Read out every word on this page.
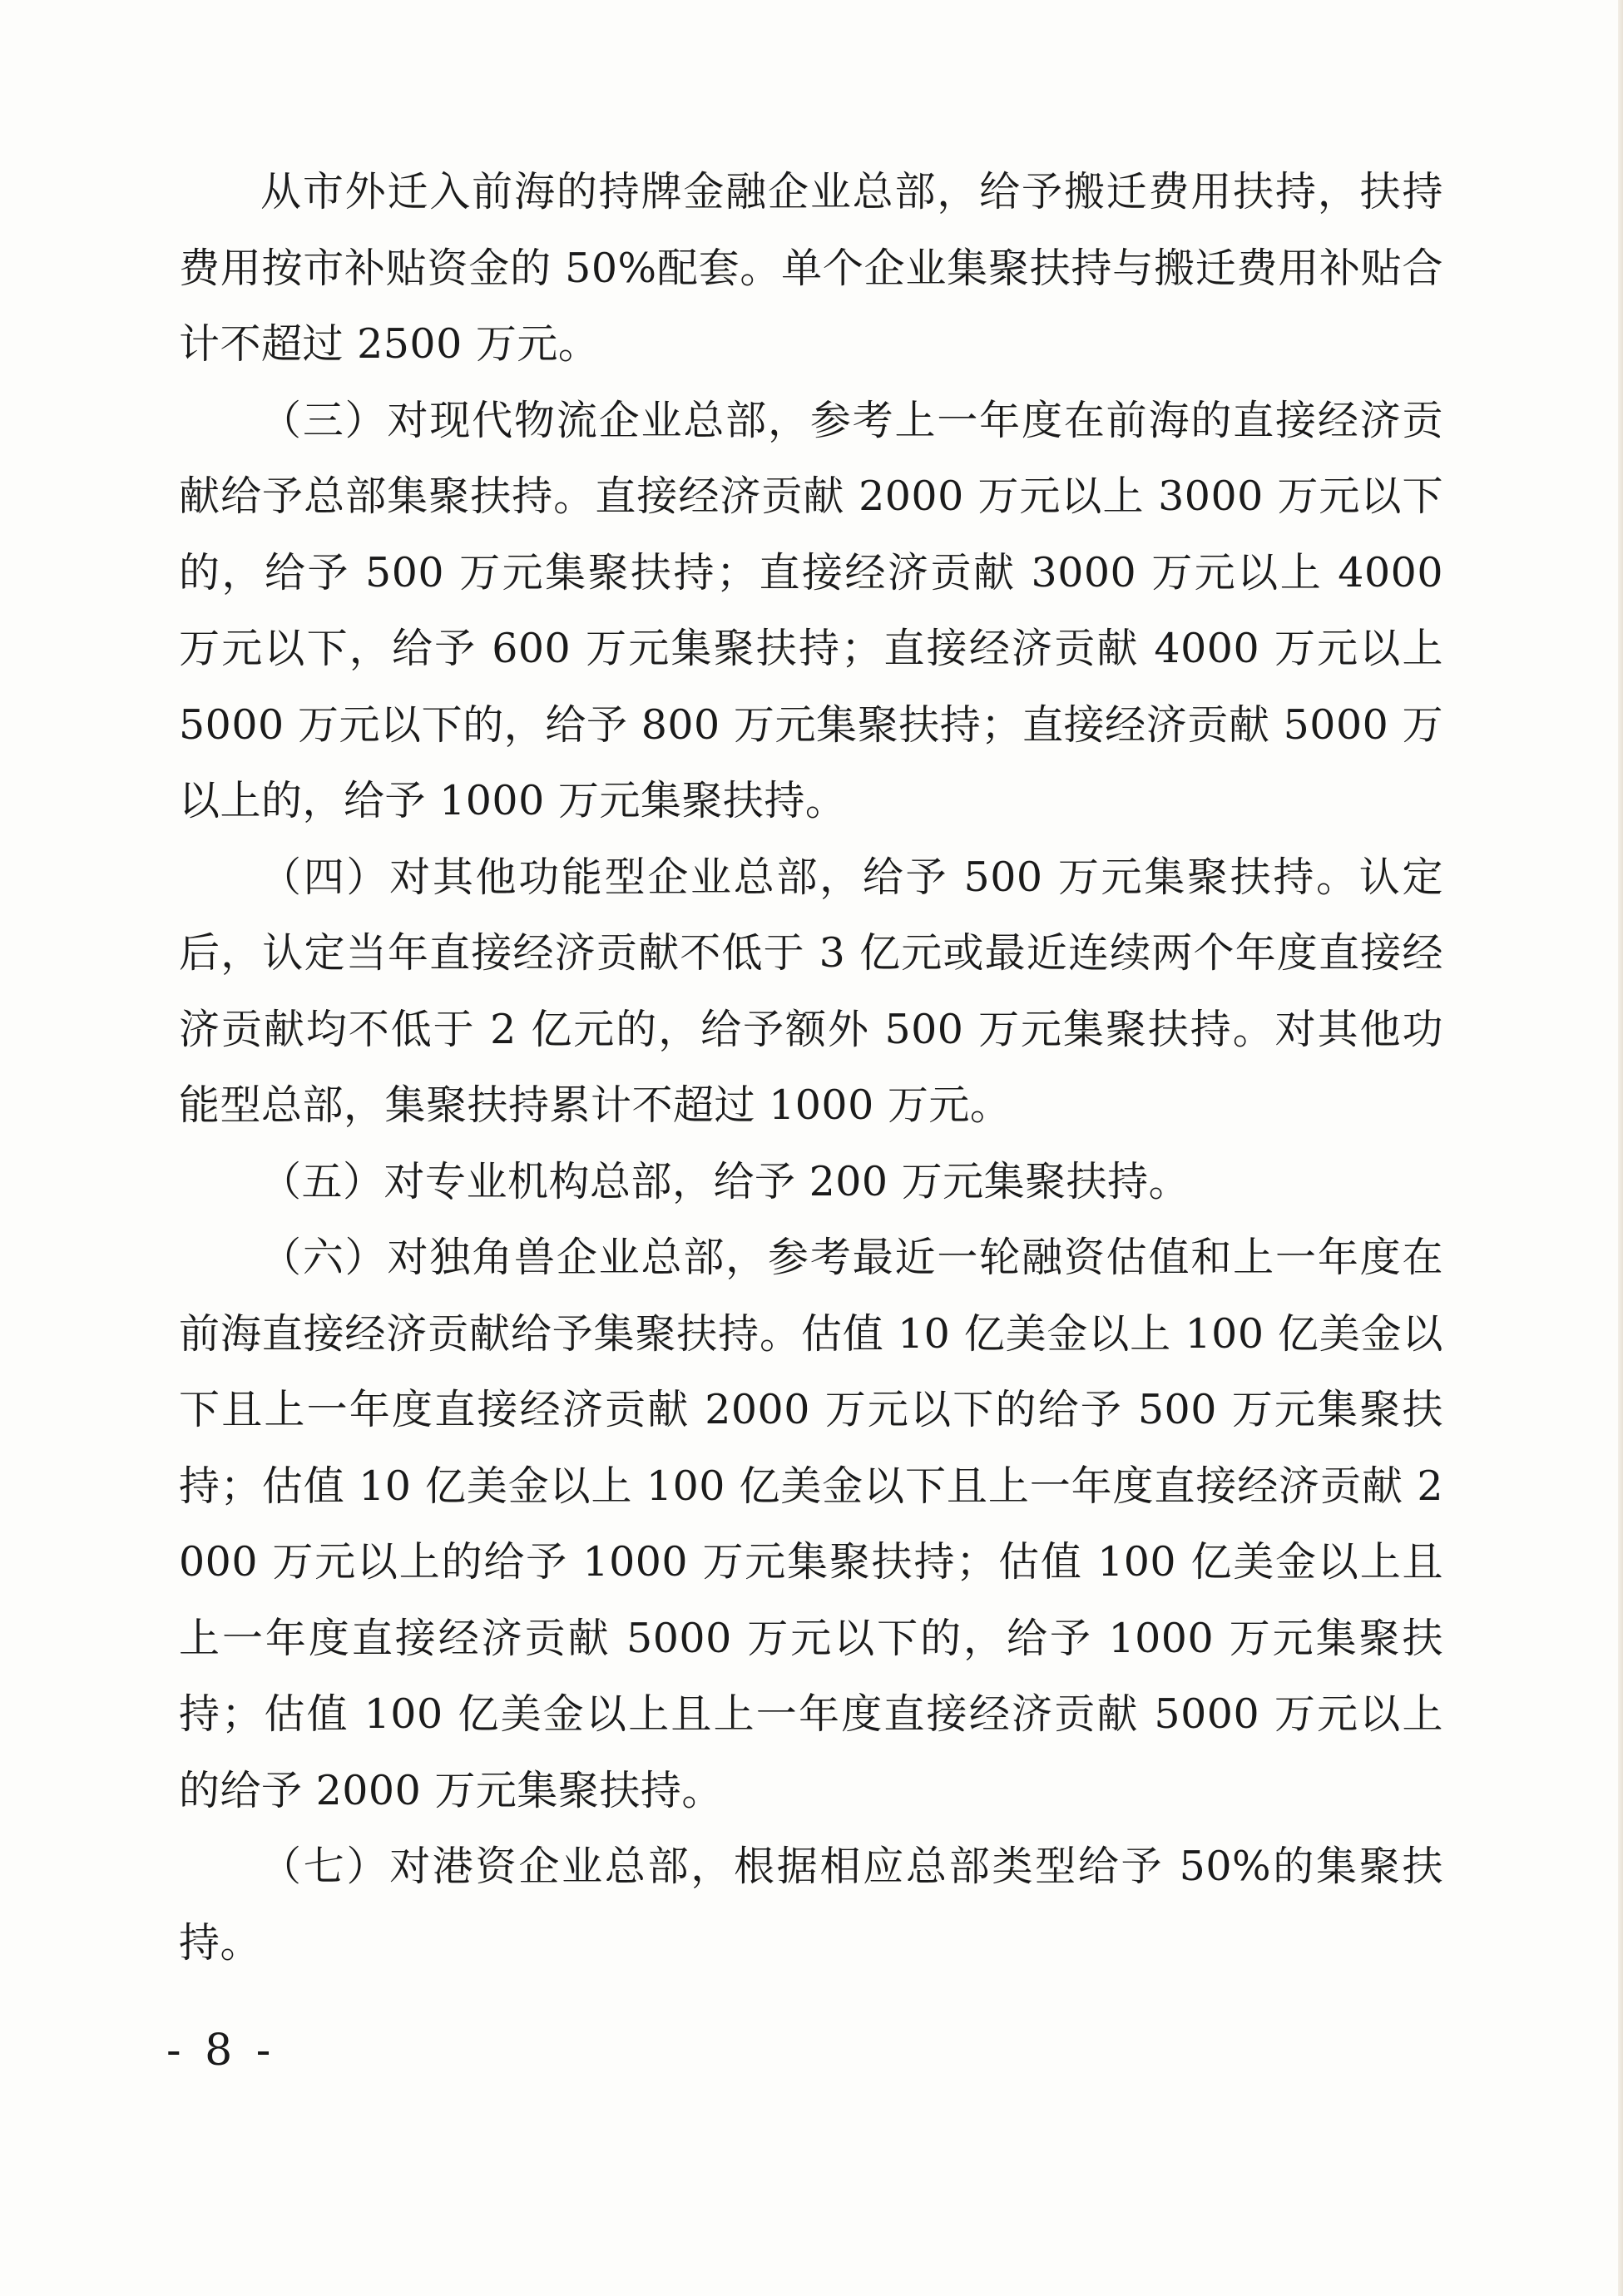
从市外迁入前海的持牌金融企业总部，给予搬迁费用扶持，扶持费用按市补贴资金的 50%配套。单个企业集聚扶持与搬迁费用补贴合计不超过 2500 万元。

（三）对现代物流企业总部，参考上一年度在前海的直接经济贡献给予总部集聚扶持。直接经济贡献 2000 万元以上 3000 万元以下的，给予 500 万元集聚扶持；直接经济贡献 3000 万元以上 4000 万元以下，给予 600 万元集聚扶持；直接经济贡献 4000 万元以上 5000 万元以下的，给予 800 万元集聚扶持；直接经济贡献 5000 万以上的，给予 1000 万元集聚扶持。

（四）对其他功能型企业总部，给予 500 万元集聚扶持。认定后，认定当年直接经济贡献不低于 3 亿元或最近连续两个年度直接经济贡献均不低于 2 亿元的，给予额外 500 万元集聚扶持。对其他功能型总部，集聚扶持累计不超过 1000 万元。

（五）对专业机构总部，给予 200 万元集聚扶持。

（六）对独角兽企业总部，参考最近一轮融资估值和上一年度在前海直接经济贡献给予集聚扶持。估值 10 亿美金以上 100 亿美金以下且上一年度直接经济贡献 2000 万元以下的给予 500 万元集聚扶持；估值 10 亿美金以上 100 亿美金以下且上一年度直接经济贡献 2000 万元以上的给予 1000 万元集聚扶持；估值 100 亿美金以上且上一年度直接经济贡献 5000 万元以下的，给予 1000 万元集聚扶持；估值 100 亿美金以上且上一年度直接经济贡献 5000 万元以上的给予 2000 万元集聚扶持。

（七）对港资企业总部，根据相应总部类型给予 50%的集聚扶持。

- 8 -
